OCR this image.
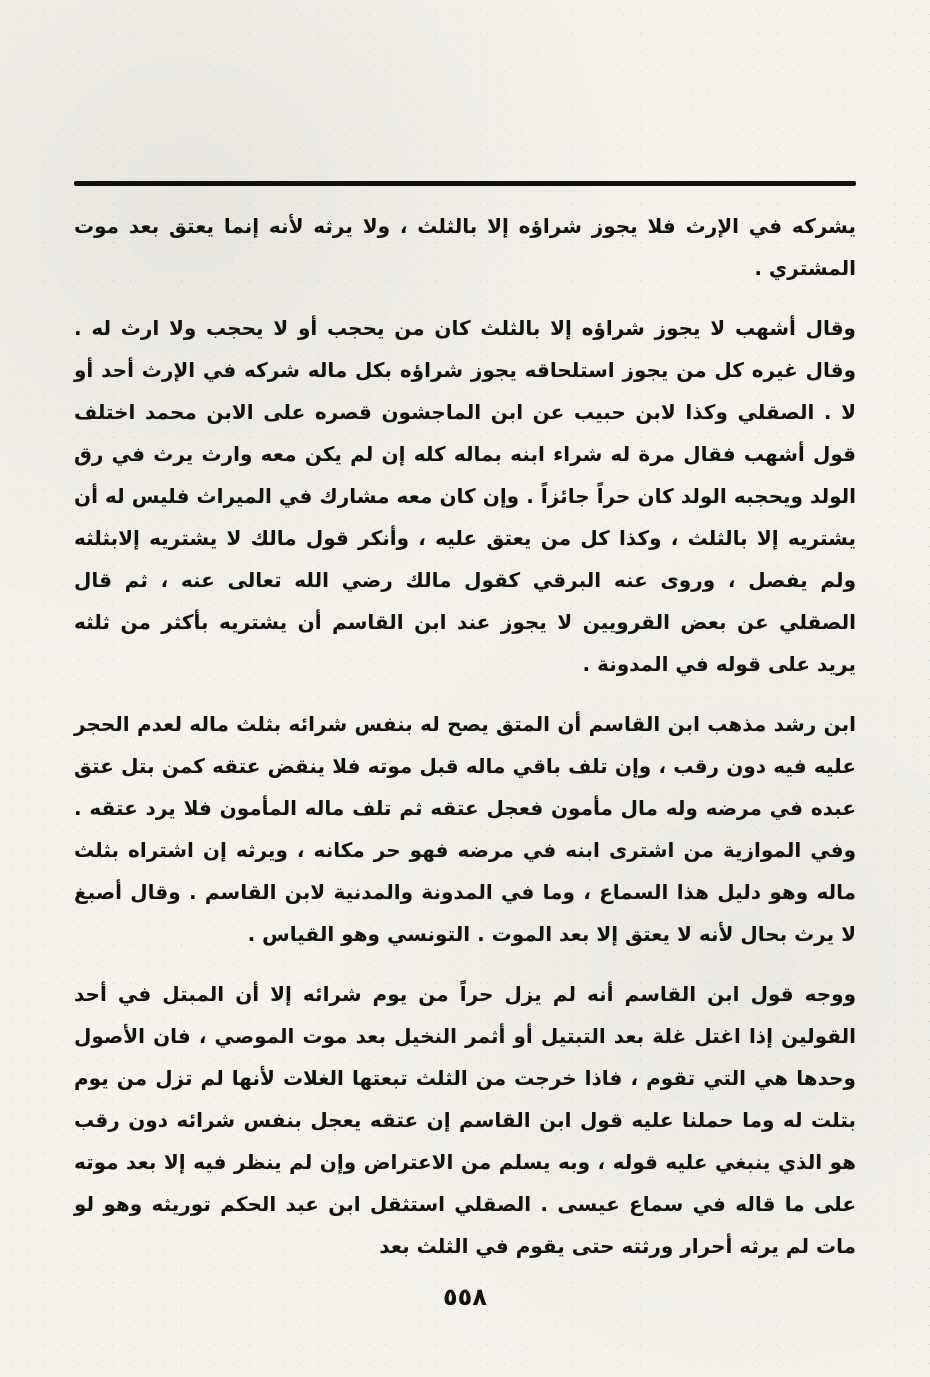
يشركه في الإرث فلا يجوز شراؤه إلا بالثلث ، ولا يرثه لأنه إنما يعتق بعد موت المشتري .

وقال أشهب لا يجوز شراؤه إلا بالثلث كان من يحجب أو لا يحجب ولا ارث له . وقال غيره كل من يجوز استلحاقه يجوز شراؤه بكل ماله شركه في الإرث أحد أو لا . الصقلي وكذا لابن حبيب عن ابن الماجشون قصره على الابن محمد اختلف قول أشهب فقال مرة له شراء ابنه بماله كله إن لم يكن معه وارث يرث في رق الولد ويحجبه الولد كان حراً جائزاً . وإن كان معه مشارك في الميراث فليس له أن يشتريه إلا بالثلث ، وكذا كل من يعتق عليه ، وأنكر قول مالك لا يشتريه إلابثلثه ولم يفصل ، وروى عنه البرقي كقول مالك رضي الله تعالى عنه ، ثم قال الصقلي عن بعض القرويين لا يجوز عند ابن القاسم أن يشتريه بأكثر من ثلثه يريد على قوله في المدونة .

ابن رشد مذهب ابن القاسم أن المتق يصح له بنفس شرائه بثلث ماله لعدم الحجر عليه فيه دون رقب ، وإن تلف باقي ماله قبل موته فلا ينقض عتقه كمن بتل عتق عبده في مرضه وله مال مأمون فعجل عتقه ثم تلف ماله المأمون فلا يرد عتقه . وفي الموازية من اشترى ابنه في مرضه فهو حر مكانه ، ويرثه إن اشتراه بثلث ماله وهو دليل هذا السماع ، وما في المدونة والمدنية لابن القاسم . وقال أصبغ لا يرث بحال لأنه لا يعتق إلا بعد الموت . التونسي وهو القياس .

ووجه قول ابن القاسم أنه لم يزل حراً من يوم شرائه إلا أن المبتل في أحد القولين إذا اغتل غلة بعد التبتيل أو أثمر النخيل بعد موت الموصي ، فان الأصول وحدها هي التي تقوم ، فاذا خرجت من الثلث تبعتها الغلات لأنها لم تزل من يوم بتلت له وما حملنا عليه قول ابن القاسم إن عتقه يعجل بنفس شرائه دون رقب هو الذي ينبغي عليه قوله ، وبه يسلم من الاعتراض وإن لم ينظر فيه إلا بعد موته على ما قاله في سماع عيسى . الصقلي استثقل ابن عبد الحكم توريثه وهو لو مات لم يرثه أحرار ورثته حتى يقوم في الثلث بعد

٥٥٨
